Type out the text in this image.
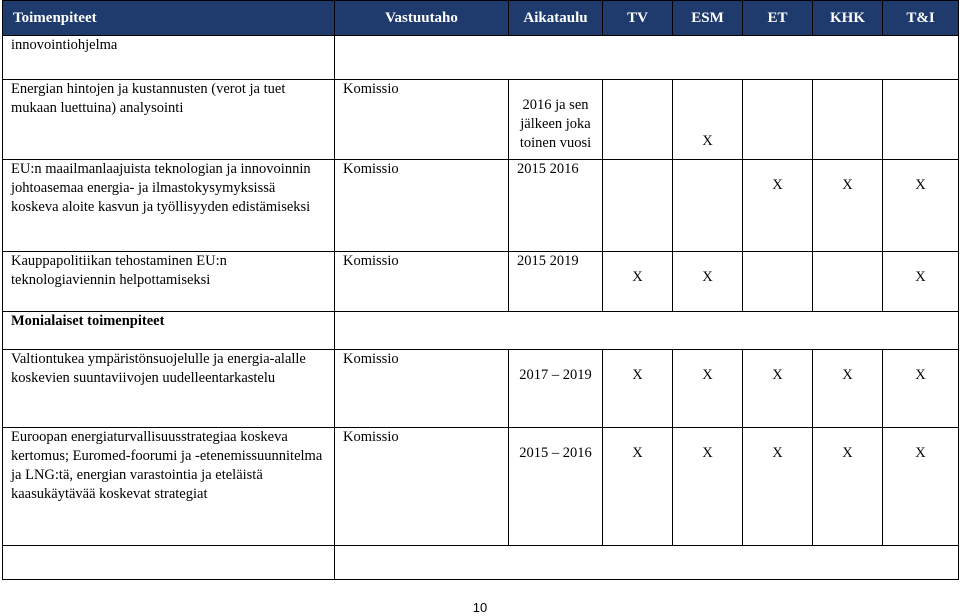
Toimenpiteet	Vastuutaho	Aikataulu	TV	ESM	ET	KHK	T&I
innovointiohjelma							
Energian hintojen ja kustannusten (verot ja tuet mukaan luettuina) analysointi	Komissio	2016 ja sen jälkeen joka toinen vuosi		X			
EU:n maailmanlaajuista teknologian ja innovoinnin johtoasemaa energia- ja ilmastokysymyksissä koskeva aloite kasvun ja työllisyyden edistämiseksi	Komissio	2015 2016			X	X	X
Kauppapolitiikan tehostaminen EU:n teknologiaviennin helpottamiseksi	Komissio	2015 2019	X	X			X
Monialaiset toimenpiteet							
Valtiontukea ympäristönsuojelulle ja energia-alalle koskevien suuntaviivojen uudelleentarkastelu	Komissio	2017 – 2019	X	X	X	X	X
Euroopan energiaturvallisuusstrategiaa koskeva kertomus; Euromed-foorumi ja -etenemissuunnitelma ja LNG:tä, energian varastointia ja eteläistä kaasukäytävää koskevat strategiat	Komissio	2015 – 2016	X	X	X	X	X

10
